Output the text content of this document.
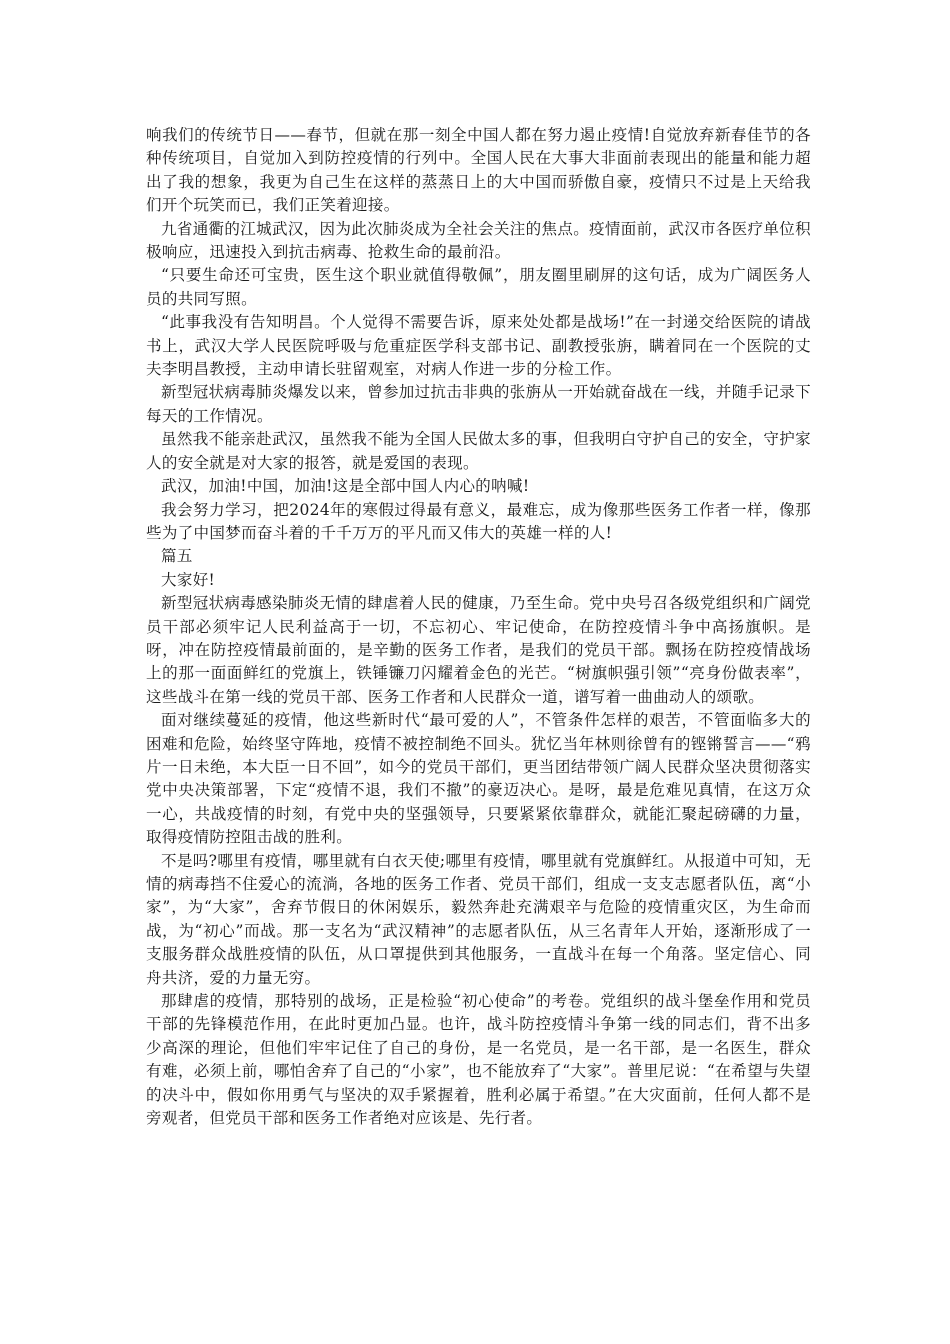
响我们的传统节日——春节，但就在那一刻全中国人都在努力遏止疫情!自觉放弃新春佳节的各种传统项目，自觉加入到防控疫情的行列中。全国人民在大事大非面前表现出的能量和能力超出了我的想象，我更为自己生在这样的蒸蒸日上的大中国而骄傲自豪，疫情只不过是上天给我们开个玩笑而已，我们正笑着迎接。

九省通衢的江城武汉，因为此次肺炎成为全社会关注的焦点。疫情面前，武汉市各医疗单位积极响应，迅速投入到抗击病毒、抢救生命的最前沿。

“只要生命还可宝贵，医生这个职业就值得敬佩”，朋友圈里刷屏的这句话，成为广阔医务人员的共同写照。

“此事我没有告知明昌。个人觉得不需要告诉，原来处处都是战场!”在一封递交给医院的请战书上，武汉大学人民医院呼吸与危重症医学科支部书记、副教授张旃，瞒着同在一个医院的丈夫李明昌教授，主动申请长驻留观室，对病人作进一步的分检工作。

新型冠状病毒肺炎爆发以来，曾参加过抗击非典的张旃从一开始就奋战在一线，并随手记录下每天的工作情况。

虽然我不能亲赴武汉，虽然我不能为全国人民做太多的事，但我明白守护自己的安全，守护家人的安全就是对大家的报答，就是爱国的表现。

武汉，加油!中国，加油!这是全部中国人内心的呐喊!

我会努力学习，把2024年的寒假过得最有意义，最难忘，成为像那些医务工作者一样，像那些为了中国梦而奋斗着的千千万万的平凡而又伟大的英雄一样的人!

篇五

大家好!

新型冠状病毒感染肺炎无情的肆虐着人民的健康，乃至生命。党中央号召各级党组织和广阔党员干部必须牢记人民利益高于一切，不忘初心、牢记使命，在防控疫情斗争中高扬旗帜。是呀，冲在防控疫情最前面的，是辛勤的医务工作者，是我们的党员干部。飘扬在防控疫情战场上的那一面面鲜红的党旗上，铁锤镰刀闪耀着金色的光芒。“树旗帜强引领”“亮身份做表率”，这些战斗在第一线的党员干部、医务工作者和人民群众一道，谱写着一曲曲动人的颂歌。

面对继续蔓延的疫情，他这些新时代“最可爱的人”，不管条件怎样的艰苦，不管面临多大的困难和危险，始终坚守阵地，疫情不被控制绝不回头。犹忆当年林则徐曾有的铿锵誓言——“鸦片一日未绝，本大臣一日不回”，如今的党员干部们，更当团结带领广阔人民群众坚决贯彻落实党中央决策部署，下定“疫情不退，我们不撤”的豪迈决心。是呀，最是危难见真情，在这万众一心，共战疫情的时刻，有党中央的坚强领导，只要紧紧依靠群众，就能汇聚起磅礴的力量，取得疫情防控阻击战的胜利。

不是吗?哪里有疫情，哪里就有白衣天使;哪里有疫情，哪里就有党旗鲜红。从报道中可知，无情的病毒挡不住爱心的流淌，各地的医务工作者、党员干部们，组成一支支志愿者队伍，离“小家”，为“大家”，舍弃节假日的休闲娱乐，毅然奔赴充满艰辛与危险的疫情重灾区，为生命而战，为“初心”而战。那一支名为“武汉精神”的志愿者队伍，从三名青年人开始，逐渐形成了一支服务群众战胜疫情的队伍，从口罩提供到其他服务，一直战斗在每一个角落。坚定信心、同舟共济，爱的力量无穷。

那肆虐的疫情，那特别的战场，正是检验“初心使命”的考卷。党组织的战斗堡垒作用和党员干部的先锋模范作用，在此时更加凸显。也许，战斗防控疫情斗争第一线的同志们，背不出多少高深的理论，但他们牢牢记住了自己的身份，是一名党员，是一名干部，是一名医生，群众有难，必须上前，哪怕舍弃了自己的“小家”，也不能放弃了“大家”。普里尼说：“在希望与失望的决斗中，假如你用勇气与坚决的双手紧握着，胜利必属于希望。”在大灾面前，任何人都不是旁观者，但党员干部和医务工作者绝对应该是、先行者。
